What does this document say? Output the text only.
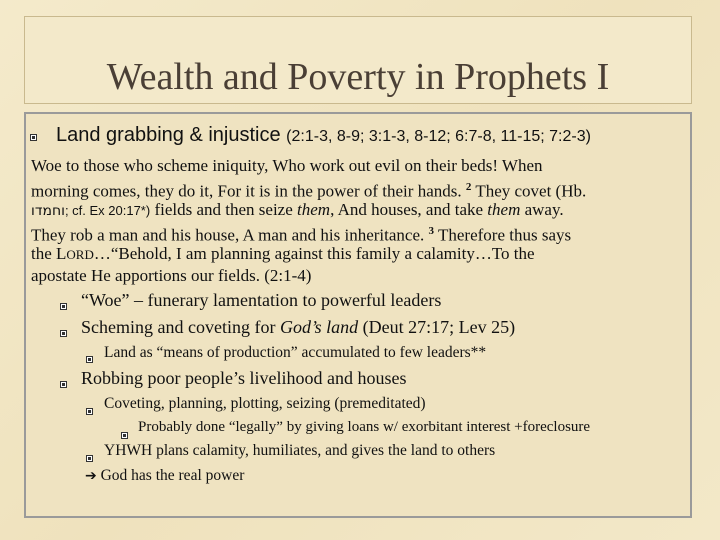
Wealth and Poverty in Prophets I
Land grabbing & injustice (2:1-3, 8-9; 3:1-3, 8-12; 6:7-8, 11-15; 7:2-3)
Woe to those who scheme iniquity, Who work out evil on their beds! When
morning comes, they do it, For it is in the power of their hands. $^2$ They covet (Hb.
וחמדו; cf. Ex 20:17*) fields and then seize them, And houses, and take them away.
They rob a man and his house, A man and his inheritance. $^3$ Therefore thus says
the LORD…“Behold, I am planning against this family a calamity…To the
apostate He apportions our fields. (2:1-4)
“Woe” – funerary lamentation to powerful leaders
Scheming and coveting for God’s land (Deut 27:17; Lev 25)
Land as “means of production” accumulated to few leaders**
Robbing poor people’s livelihood and houses
Coveting, planning, plotting, seizing (premeditated)
Probably done “legally” by giving loans w/ exorbitant interest +foreclosure
YHWH plans calamity, humiliates, and gives the land to others
➔ God has the real power
